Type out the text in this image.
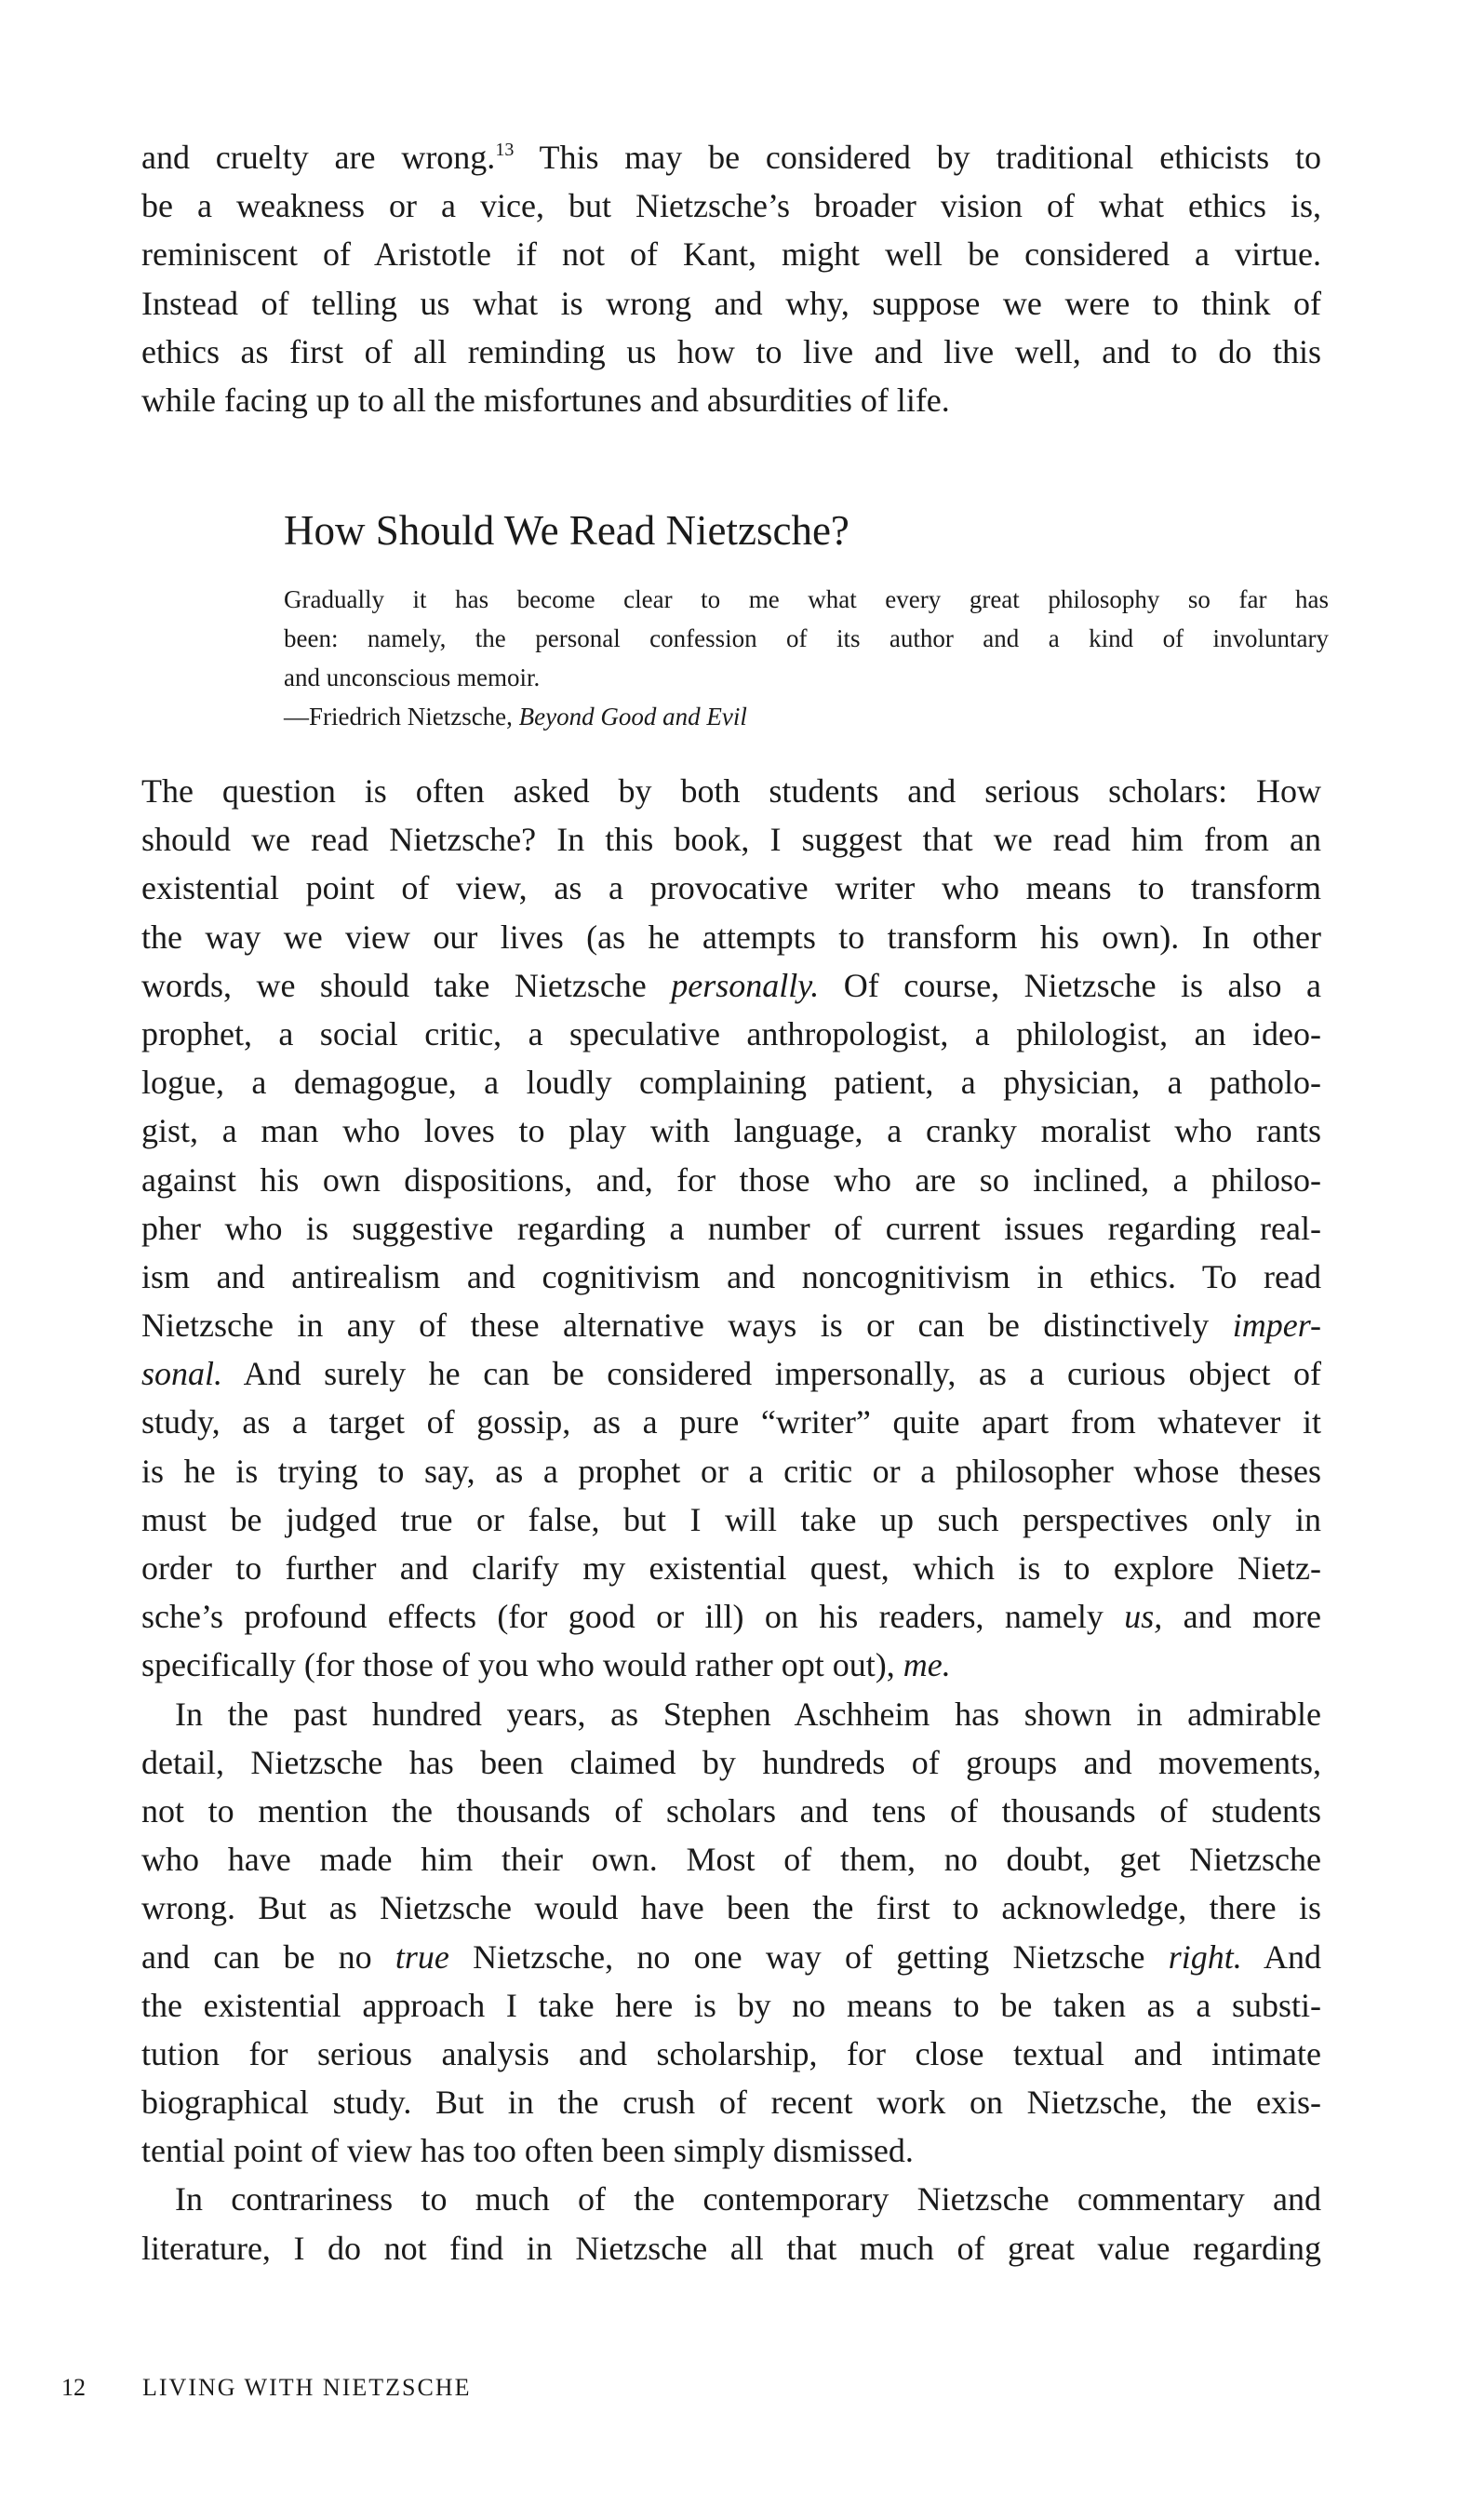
and cruelty are wrong.$^{13}$ This may be considered by traditional ethicists to
be a weakness or a vice, but Nietzsche’s broader vision of what ethics is,
reminiscent of Aristotle if not of Kant, might well be considered a virtue.
Instead of telling us what is wrong and why, suppose we were to think of
ethics as first of all reminding us how to live and live well, and to do this
while facing up to all the misfortunes and absurdities of life.
How Should We Read Nietzsche?
Gradually it has become clear to me what every great philosophy so far has
been: namely, the personal confession of its author and a kind of involuntary
and unconscious memoir.
—Friedrich Nietzsche, Beyond Good and Evil
The question is often asked by both students and serious scholars: How
should we read Nietzsche? In this book, I suggest that we read him from an
existential point of view, as a provocative writer who means to transform
the way we view our lives (as he attempts to transform his own). In other
words, we should take Nietzsche personally. Of course, Nietzsche is also a
prophet, a social critic, a speculative anthropologist, a philologist, an ideo-
logue, a demagogue, a loudly complaining patient, a physician, a patholo-
gist, a man who loves to play with language, a cranky moralist who rants
against his own dispositions, and, for those who are so inclined, a philoso-
pher who is suggestive regarding a number of current issues regarding real-
ism and antirealism and cognitivism and noncognitivism in ethics. To read
Nietzsche in any of these alternative ways is or can be distinctively imper-
sonal. And surely he can be considered impersonally, as a curious object of
study, as a target of gossip, as a pure “writer” quite apart from whatever it
is he is trying to say, as a prophet or a critic or a philosopher whose theses
must be judged true or false, but I will take up such perspectives only in
order to further and clarify my existential quest, which is to explore Nietz-
sche’s profound effects (for good or ill) on his readers, namely us, and more
specifically (for those of you who would rather opt out), me.
In the past hundred years, as Stephen Aschheim has shown in admirable
detail, Nietzsche has been claimed by hundreds of groups and movements,
not to mention the thousands of scholars and tens of thousands of students
who have made him their own. Most of them, no doubt, get Nietzsche
wrong. But as Nietzsche would have been the first to acknowledge, there is
and can be no true Nietzsche, no one way of getting Nietzsche right. And
the existential approach I take here is by no means to be taken as a substi-
tution for serious analysis and scholarship, for close textual and intimate
biographical study. But in the crush of recent work on Nietzsche, the exis-
tential point of view has too often been simply dismissed.
In contrariness to much of the contemporary Nietzsche commentary and
literature, I do not find in Nietzsche all that much of great value regarding
12 LIVING WITH NIETZSCHE
